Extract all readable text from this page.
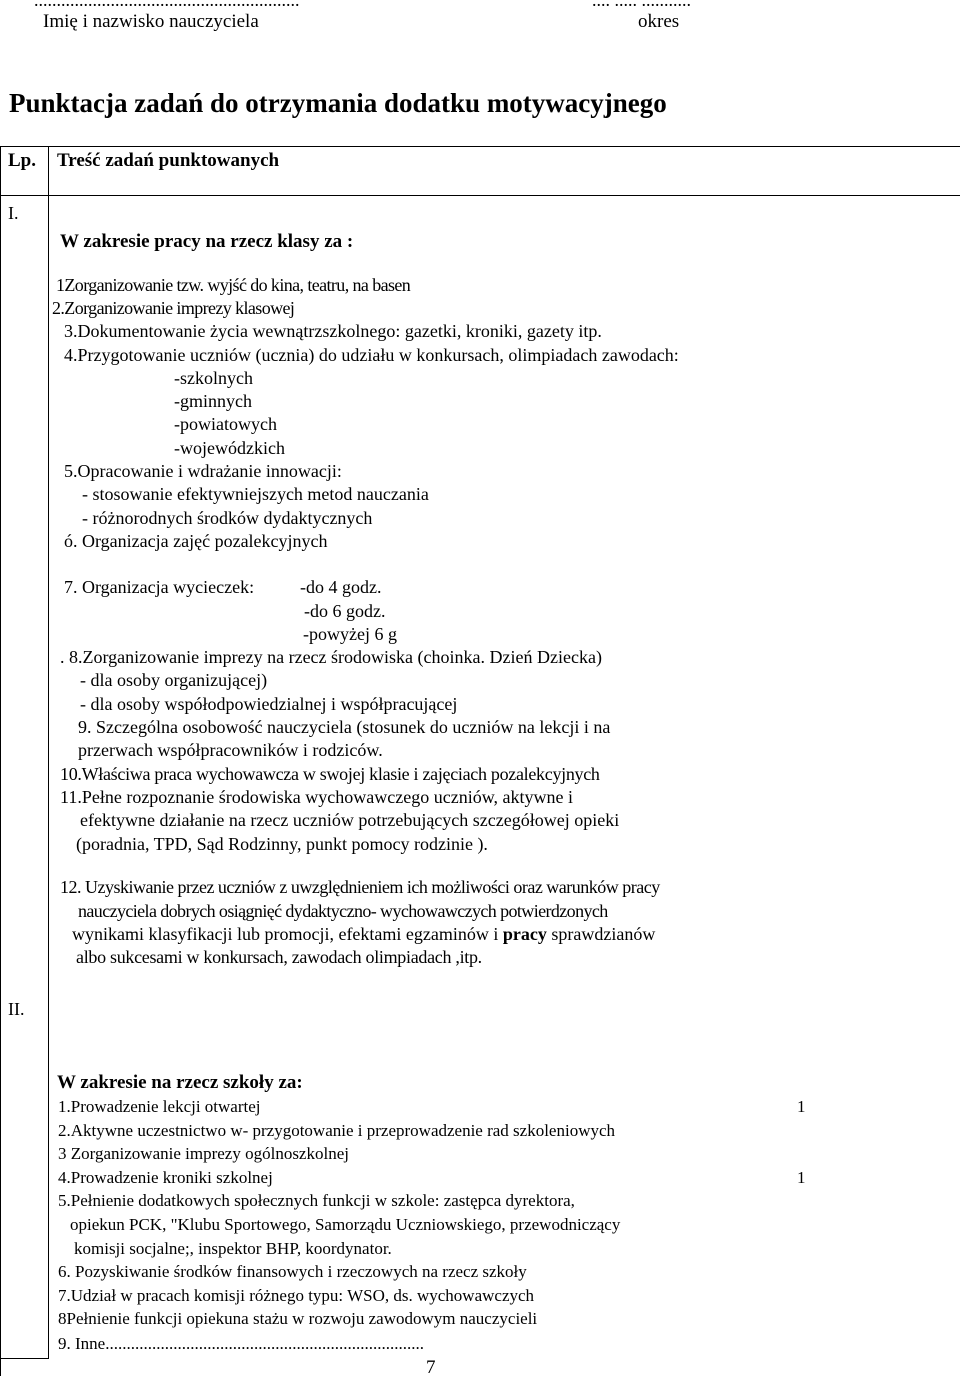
...........................................................	.... ..... ...........
Imię i nazwisko nauczyciela	okres
Punktacja zadań do otrzymania dodatku motywacyjnego
Lp. Treść zadań punktowanych
I.
W zakresie pracy na rzecz klasy za :
1Zorganizowanie tzw. wyjść do kina, teatru, na basen
2.Zorganizowanie imprezy klasowej
3.Dokumentowanie życia wewnątrzszkolnego: gazetki, kroniki, gazety itp.
4.Przygotowanie uczniów (ucznia) do udziału w konkursach, olimpiadach zawodach:
-szkolnych
-gminnych
-powiatowych
-wojewódzkich
5.Opracowanie i wdrażanie innowacji:
- stosowanie efektywniejszych metod nauczania
- różnorodnych środków dydaktycznych
ó. Organizacja zajęć pozalekcyjnych
7. Organizacja wycieczek:	-do 4 godz.
-do 6 godz.
-powyżej 6 g
. 8.Zorganizowanie imprezy na rzecz środowiska (choinka. Dzień Dziecka)
- dla osoby organizującej)
- dla osoby współodpowiedzialnej i współpracującej
9. Szczególna osobowość nauczyciela (stosunek do uczniów na lekcji i na
przerwach współpracowników i rodziców.
10.Właściwa praca wychowawcza w swojej klasie i zajęciach pozalekcyjnych
11.Pełne rozpoznanie środowiska wychowawczego uczniów, aktywne i
efektywne działanie na rzecz uczniów potrzebujących szczegółowej opieki
(poradnia, TPD, Sąd Rodzinny, punkt pomocy rodzinie ).
12. Uzyskiwanie przez uczniów z uwzględnieniem ich możliwości oraz warunków pracy
nauczyciela dobrych osiągnięć dydaktyczno- wychowawczych potwierdzonych
wynikami klasyfikacji lub promocji, efektami egzaminów i pracy sprawdzianów
albo sukcesami w konkursach, zawodach olimpiadach ,itp.
II.
W zakresie na rzecz szkoły za:
1.Prowadzenie lekcji otwartej	1
2.Aktywne uczestnictwo w- przygotowanie i przeprowadzenie rad szkoleniowych
3 Zorganizowanie imprezy ogólnoszkolnej
4.Prowadzenie kroniki szkolnej	1
5.Pełnienie dodatkowych społecznych funkcji w szkole: zastępca dyrektora,
opiekun PCK, "Klubu Sportowego, Samorządu Uczniowskiego, przewodniczący
komisji socjalne;, inspektor BHP, koordynator.
6. Pozyskiwanie środków finansowych i rzeczowych na rzecz szkoły
7.Udział w pracach komisji różnego typu: WSO, ds. wychowawczych
8Pełnienie funkcji opiekuna stażu w rozwoju zawodowym nauczycieli
9. Inne...........................................................................
7
